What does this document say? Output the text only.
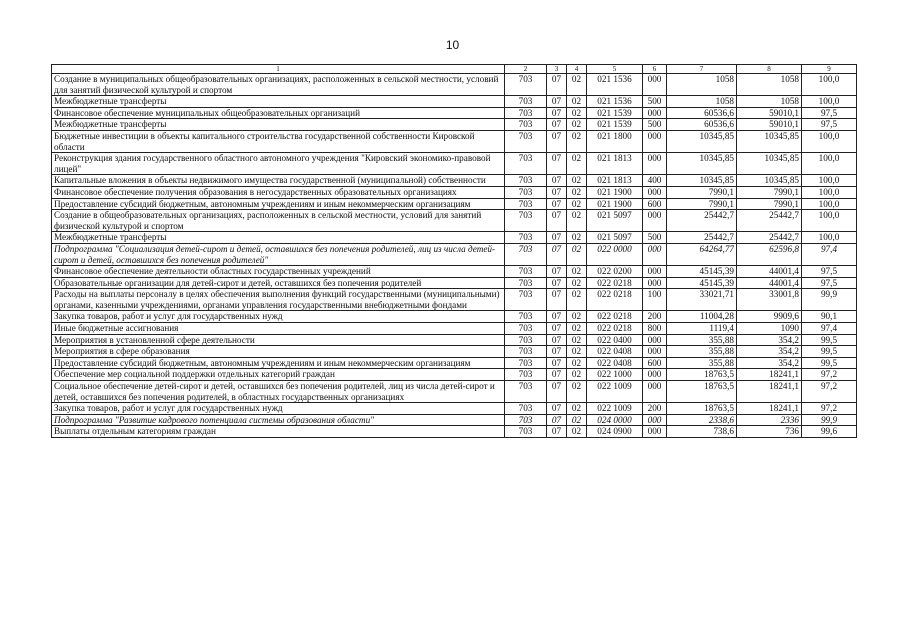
10
1	2	3	4	5	6	7	8	9
Создание в муниципальных общеобразовательных организациях, расположенных в сельской местности, условий для занятий физической культурой и спортом	703	07	02	021 1536	000	1058	1058	100,0
Межбюджетные трансферты	703	07	02	021 1536	500	1058	1058	100,0
Финансовое обеспечение муниципальных общеобразовательных организаций	703	07	02	021 1539	000	60536,6	59010,1	97,5
Межбюджетные трансферты	703	07	02	021 1539	500	60536,6	59010,1	97,5
Бюджетные инвестиции в объекты капитального строительства государственной собственности Кировской области	703	07	02	021 1800	000	10345,85	10345,85	100,0
Реконструкция здания государственного областного автономного учреждения "Кировский экономико-правовой лицей"	703	07	02	021 1813	000	10345,85	10345,85	100,0
Капитальные вложения в объекты недвижимого имущества государственной (муниципальной) собственности	703	07	02	021 1813	400	10345,85	10345,85	100,0
Финансовое обеспечение получения образования в негосударственных образовательных организациях	703	07	02	021 1900	000	7990,1	7990,1	100,0
Предоставление субсидий бюджетным, автономным учреждениям и иным некоммерческим организациям	703	07	02	021 1900	600	7990,1	7990,1	100,0
Создание в общеобразовательных организациях, расположенных в сельской местности, условий для занятий физической культурой и спортом	703	07	02	021 5097	000	25442,7	25442,7	100,0
Межбюджетные трансферты	703	07	02	021 5097	500	25442,7	25442,7	100,0
Подпрограмма "Социализация детей-сирот и детей, оставшихся без попечения родителей, лиц из числа детей-сирот и детей, оставшихся без попечения родителей"	703	07	02	022 0000	000	64264,77	62596,8	97,4
Финансовое обеспечение деятельности областных государственных учреждений	703	07	02	022 0200	000	45145,39	44001,4	97,5
Образовательные организации для детей-сирот и детей, оставшихся без попечения родителей	703	07	02	022 0218	000	45145,39	44001,4	97,5
Расходы на выплаты персоналу в целях обеспечения выполнения функций государственными (муниципальными) органами, казенными учреждениями, органами управления государственными внебюджетными фондами	703	07	02	022 0218	100	33021,71	33001,8	99,9
Закупка товаров, работ и услуг для государственных нужд	703	07	02	022 0218	200	11004,28	9909,6	90,1
Иные бюджетные ассигнования	703	07	02	022 0218	800	1119,4	1090	97,4
Мероприятия в установленной сфере деятельности	703	07	02	022 0400	000	355,88	354,2	99,5
Мероприятия в сфере образования	703	07	02	022 0408	000	355,88	354,2	99,5
Предоставление субсидий бюджетным, автономным учреждениям и иным некоммерческим организациям	703	07	02	022 0408	600	355,88	354,2	99,5
Обеспечение мер социальной поддержки отдельных категорий граждан	703	07	02	022 1000	000	18763,5	18241,1	97,2
Социальное обеспечение детей-сирот и детей, оставшихся без попечения родителей, лиц из числа детей-сирот и детей, оставшихся без попечения родителей, в областных государственных организациях	703	07	02	022 1009	000	18763,5	18241,1	97,2
Закупка товаров, работ и услуг для государственных нужд	703	07	02	022 1009	200	18763,5	18241,1	97,2
Подпрограмма "Развитие кадрового потенциала системы образования области"	703	07	02	024 0000	000	2338,6	2336	99,9
Выплаты отдельным категориям граждан	703	07	02	024 0900	000	738,6	736	99,6
